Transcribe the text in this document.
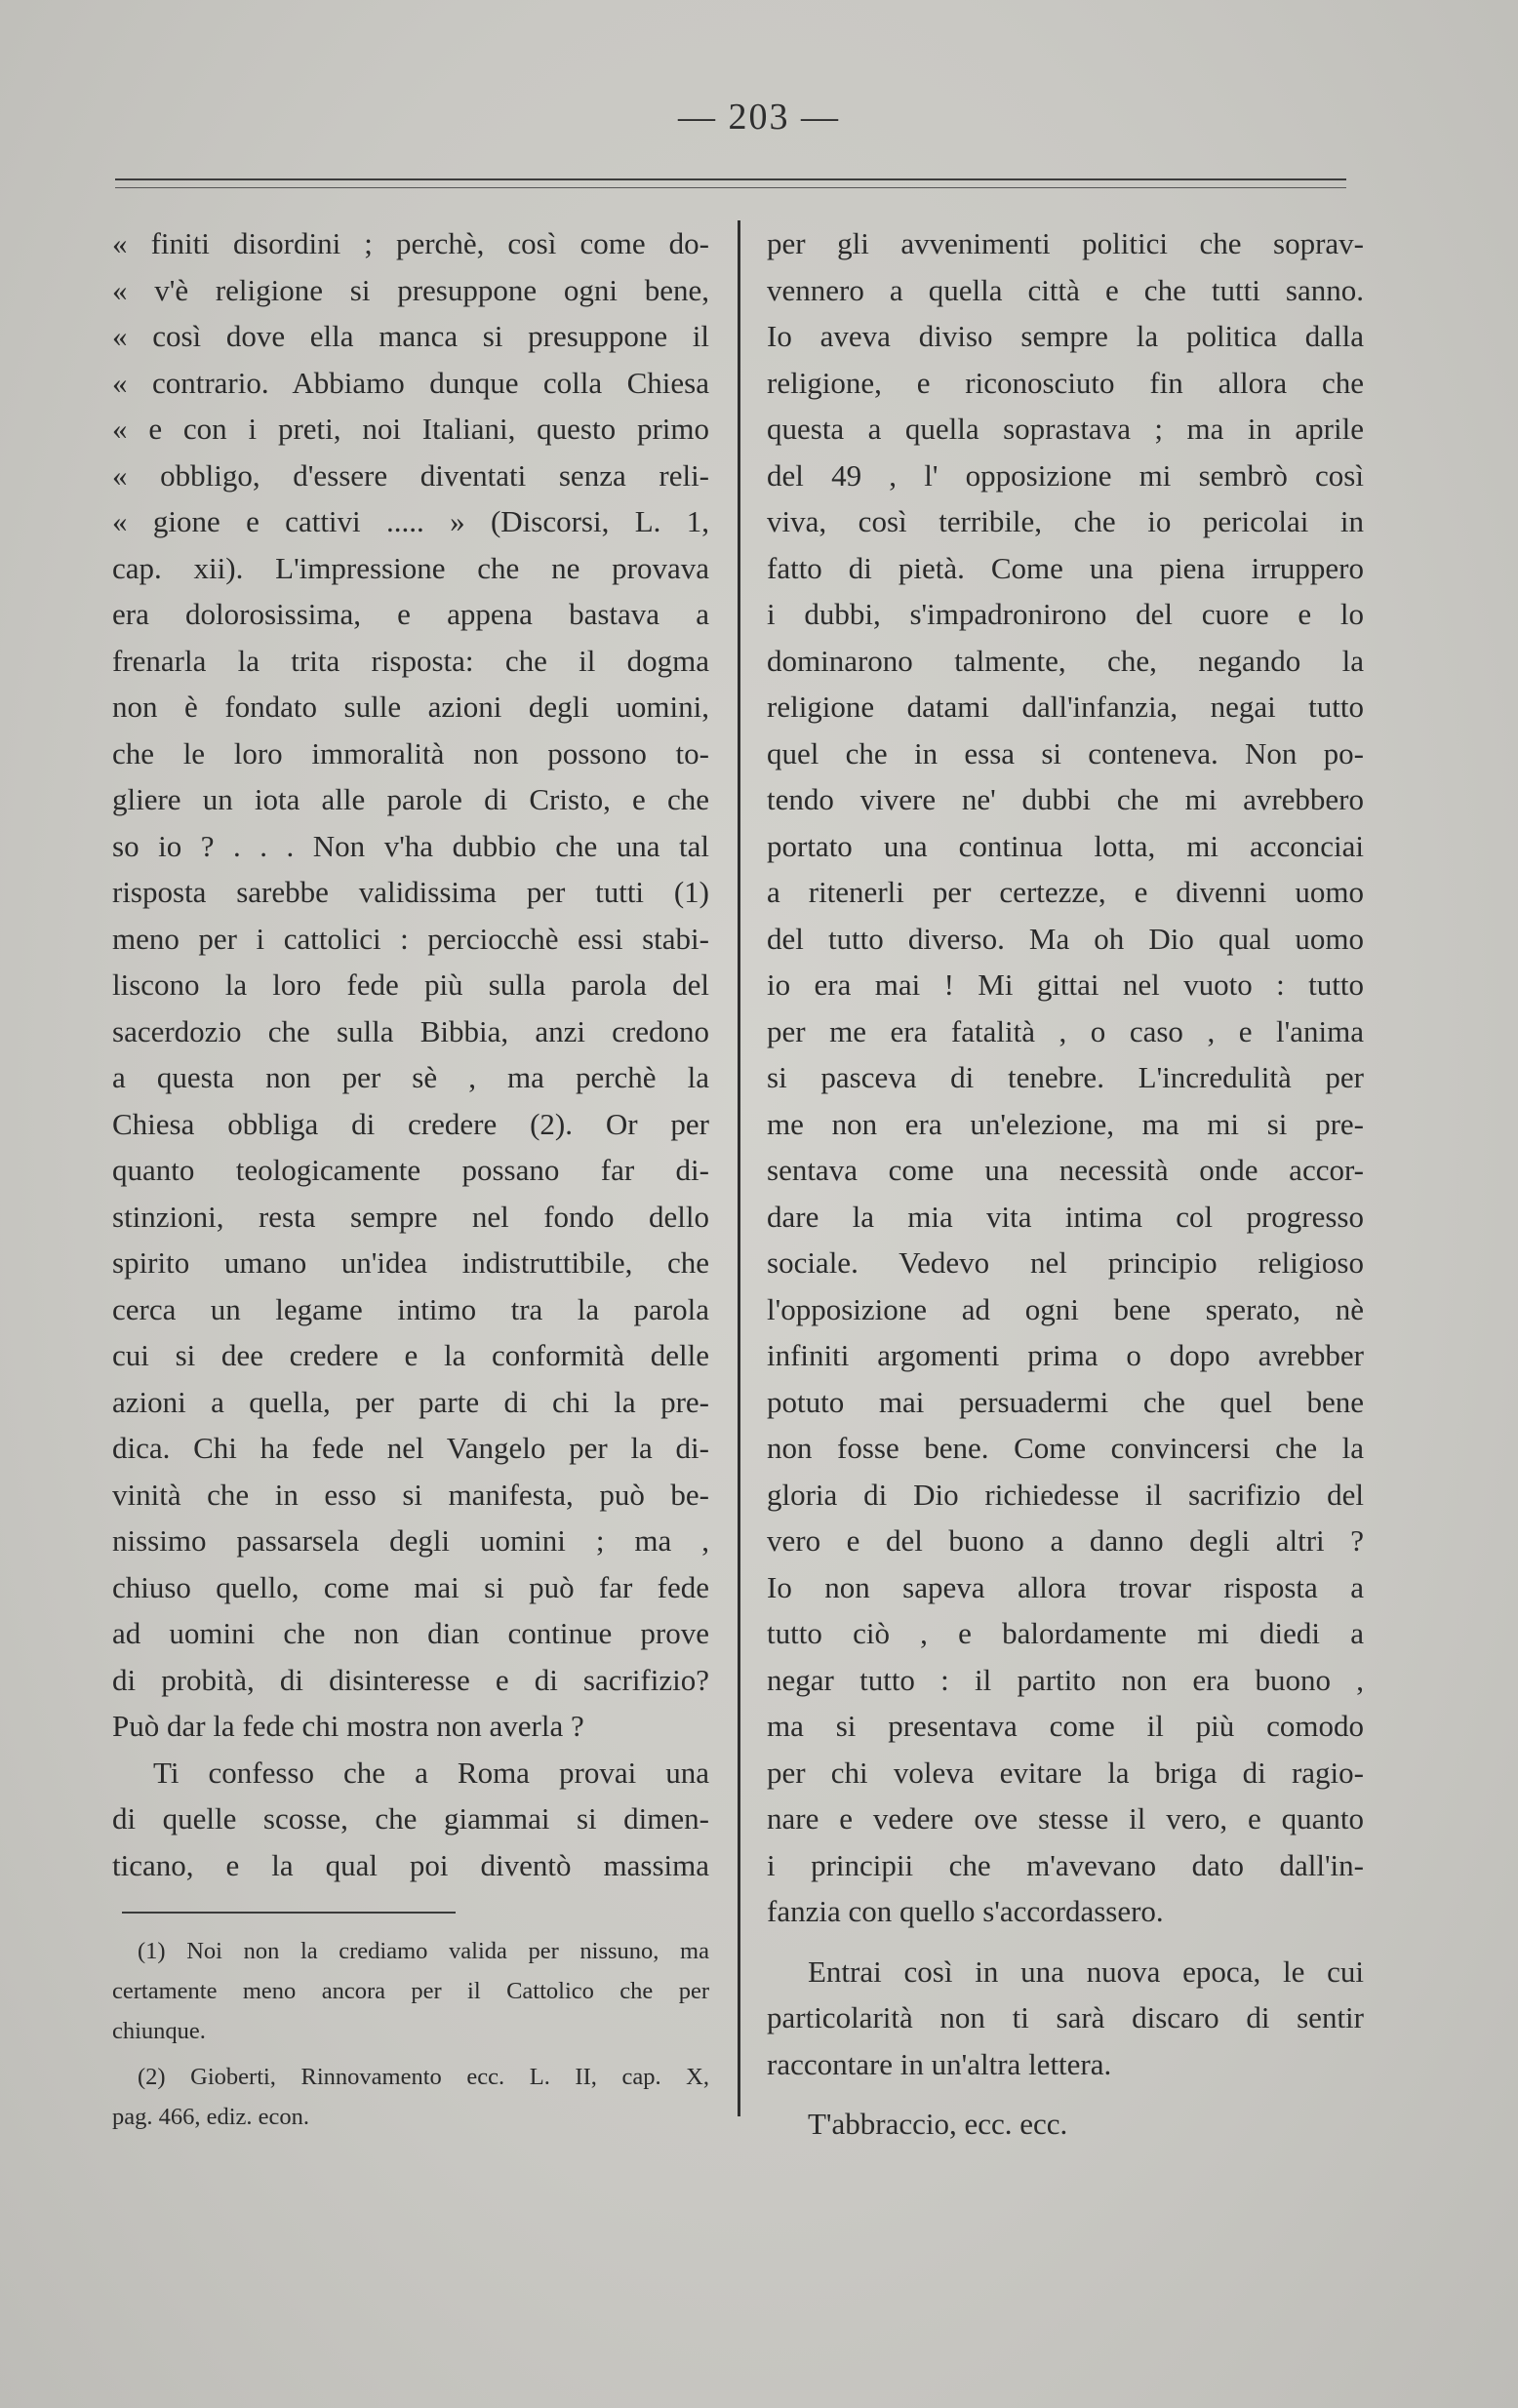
— 203 —
« finiti disordini ; perchè, così come do-
« v'è religione si presuppone ogni bene,
« così dove ella manca si presuppone il
« contrario. Abbiamo dunque colla Chiesa
« e con i preti, noi Italiani, questo primo
« obbligo, d'essere diventati senza reli-
« gione e cattivi ..... » (Discorsi, L. 1,
cap. xii). L'impressione che ne provava
era dolorosissima, e appena bastava a
frenarla la trita risposta: che il dogma
non è fondato sulle azioni degli uomini,
che le loro immoralità non possono to-
gliere un iota alle parole di Cristo, e che
so io ? . . . Non v'ha dubbio che una tal
risposta sarebbe validissima per tutti (1)
meno per i cattolici : perciocchè essi stabi-
liscono la loro fede più sulla parola del
sacerdozio che sulla Bibbia, anzi credono
a questa non per sè , ma perchè la
Chiesa obbliga di credere (2). Or per
quanto teologicamente possano far di-
stinzioni, resta sempre nel fondo dello
spirito umano un'idea indistruttibile, che
cerca un legame intimo tra la parola
cui si dee credere e la conformità delle
azioni a quella, per parte di chi la pre-
dica. Chi ha fede nel Vangelo per la di-
vinità che in esso si manifesta, può be-
nissimo passarsela degli uomini ; ma ,
chiuso quello, come mai si può far fede
ad uomini che non dian continue prove
di probità, di disinteresse e di sacrifizio?
Può dar la fede chi mostra non averla ?
Ti confesso che a Roma provai una
di quelle scosse, che giammai si dimen-
ticano, e la qual poi diventò massima
(1) Noi non la crediamo valida per nissuno, ma
certamente meno ancora per il Cattolico che per
chiunque.
(2) Gioberti, Rinnovamento ecc. L. II, cap. X,
pag. 466, ediz. econ.
per gli avvenimenti politici che soprav-
vennero a quella città e che tutti sanno.
Io aveva diviso sempre la politica dalla
religione, e riconosciuto fin allora che
questa a quella soprastava ; ma in aprile
del 49 , l' opposizione mi sembrò così
viva, così terribile, che io pericolai in
fatto di pietà. Come una piena irruppero
i dubbi, s'impadronirono del cuore e lo
dominarono talmente, che, negando la
religione datami dall'infanzia, negai tutto
quel che in essa si conteneva. Non po-
tendo vivere ne' dubbi che mi avrebbero
portato una continua lotta, mi acconciai
a ritenerli per certezze, e divenni uomo
del tutto diverso. Ma oh Dio qual uomo
io era mai ! Mi gittai nel vuoto : tutto
per me era fatalità , o caso , e l'anima
si pasceva di tenebre. L'incredulità per
me non era un'elezione, ma mi si pre-
sentava come una necessità onde accor-
dare la mia vita intima col progresso
sociale. Vedevo nel principio religioso
l'opposizione ad ogni bene sperato, nè
infiniti argomenti prima o dopo avrebber
potuto mai persuadermi che quel bene
non fosse bene. Come convincersi che la
gloria di Dio richiedesse il sacrifizio del
vero e del buono a danno degli altri ?
Io non sapeva allora trovar risposta a
tutto ciò , e balordamente mi diedi a
negar tutto : il partito non era buono ,
ma si presentava come il più comodo
per chi voleva evitare la briga di ragio-
nare e vedere ove stesse il vero, e quanto
i principii che m'avevano dato dall'in-
fanzia con quello s'accordassero.
Entrai così in una nuova epoca, le cui
particolarità non ti sarà discaro di sentir
raccontare in un'altra lettera.
T'abbraccio, ecc. ecc.
